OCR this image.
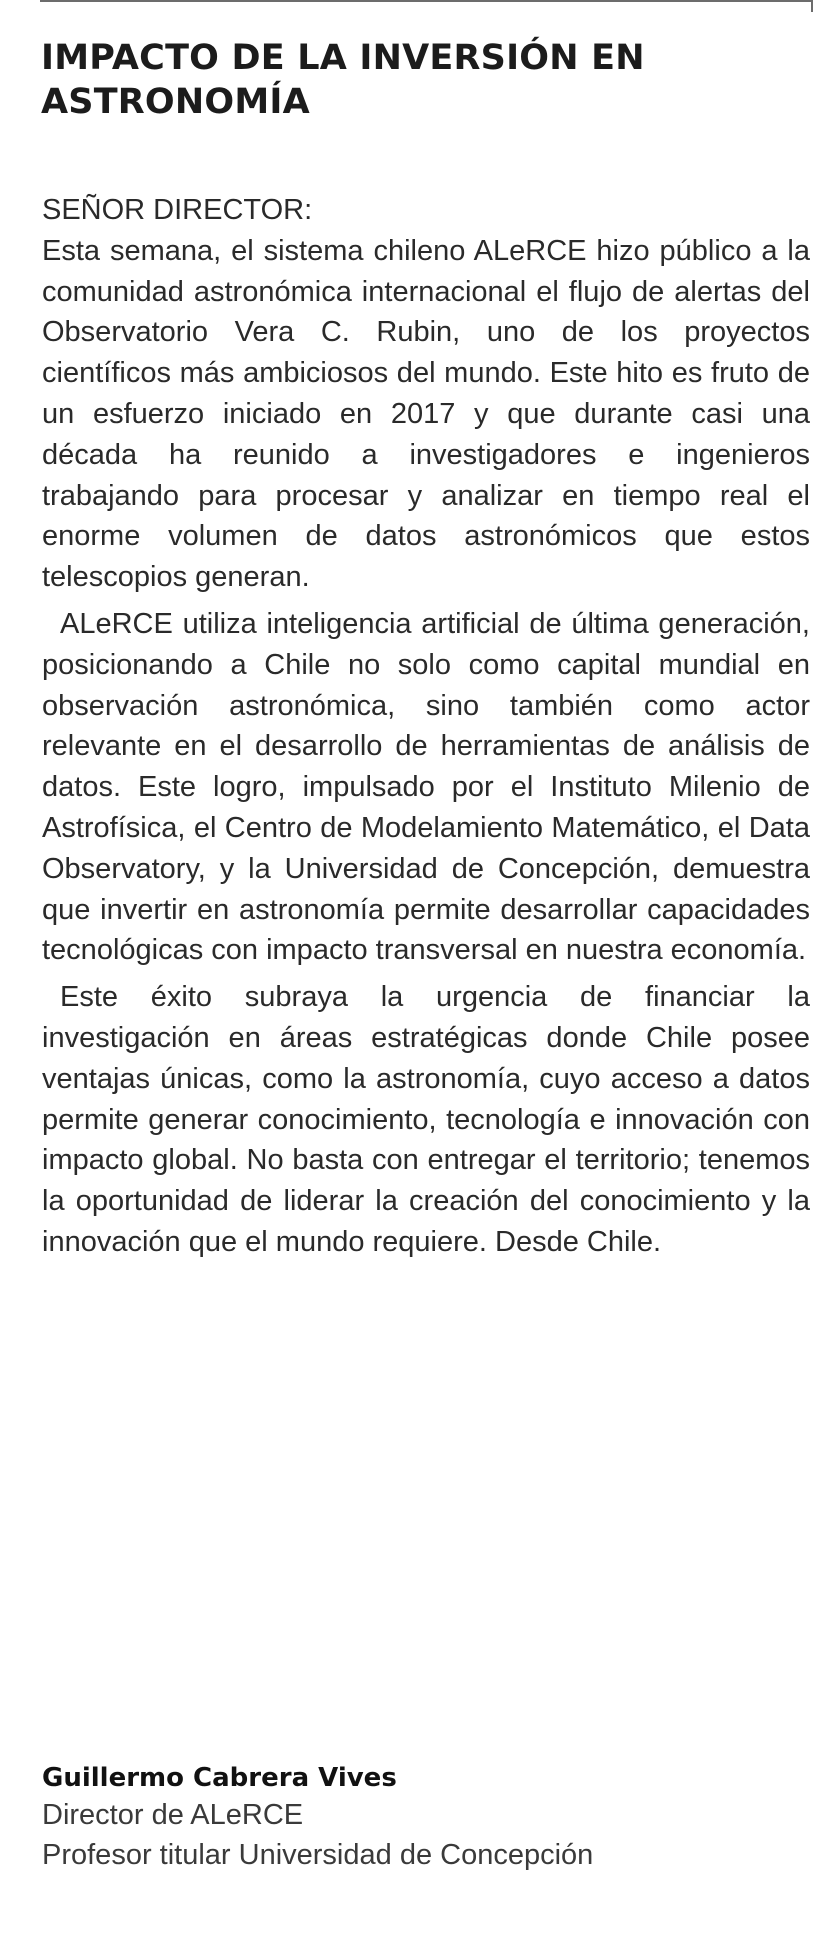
IMPACTO DE LA INVERSIÓN EN ASTRONOMÍA

SEÑOR DIRECTOR:

Esta semana, el sistema chileno ALeRCE hizo público a la comunidad astronómica internacional el flujo de alertas del Observatorio Vera C. Rubin, uno de los proyectos científicos más ambiciosos del mundo. Este hito es fruto de un esfuerzo iniciado en 2017 y que durante casi una década ha reunido a investigadores e ingenieros trabajando para procesar y analizar en tiempo real el enorme volumen de datos astronómicos que estos telescopios generan.

ALeRCE utiliza inteligencia artificial de última generación, posicionando a Chile no solo como capital mundial en observación astronómica, sino también como actor relevante en el desarrollo de herramientas de análisis de datos. Este logro, impulsado por el Instituto Milenio de Astrofísica, el Centro de Modelamiento Matemático, el Data Observatory, y la Universidad de Concepción, demuestra que invertir en astronomía permite desarrollar capacidades tecnológicas con impacto transversal en nuestra economía.

Este éxito subraya la urgencia de financiar la investigación en áreas estratégicas donde Chile posee ventajas únicas, como la astronomía, cuyo acceso a datos permite generar conocimiento, tecnología e innovación con impacto global. No basta con entregar el territorio; tenemos la oportunidad de liderar la creación del conocimiento y la innovación que el mundo requiere. Desde Chile.

Guillermo Cabrera Vives

Director de ALeRCE

Profesor titular Universidad de Concepción
